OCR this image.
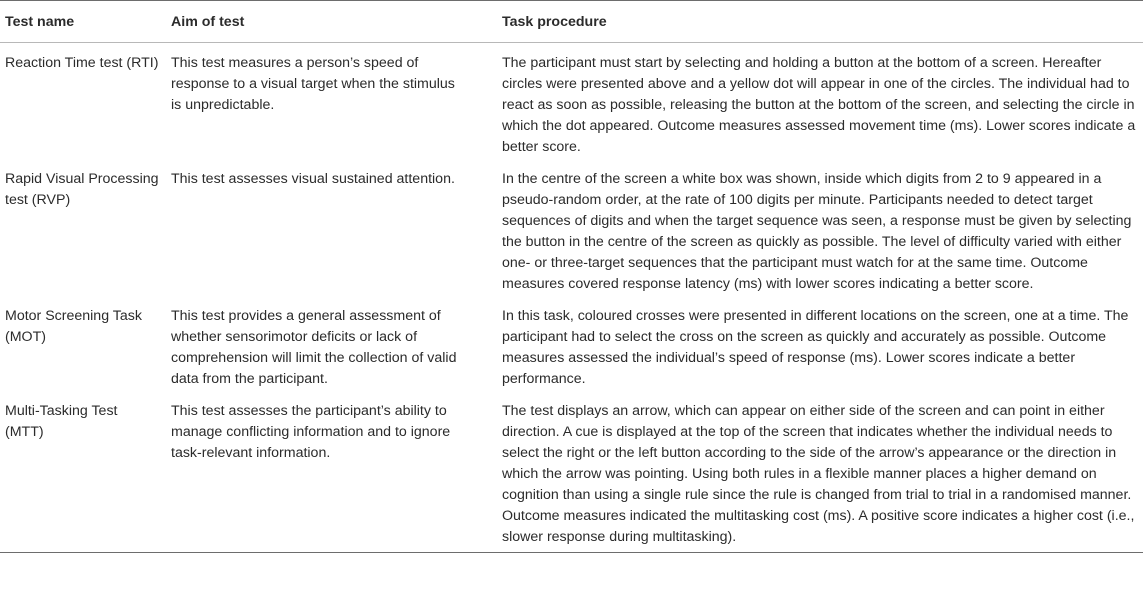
Test name	Aim of test	Task procedure
Reaction Time test (RTI)	This test measures a person’s speed of response to a visual target when the stimulus is unpredictable.	The participant must start by selecting and holding a button at the bottom of a screen. Hereafter circles were presented above and a yellow dot will appear in one of the circles. The individual had to react as soon as possible, releasing the button at the bottom of the screen, and selecting the circle in which the dot appeared. Outcome measures assessed movement time (ms). Lower scores indicate a better score.
Rapid Visual Processing test (RVP)	This test assesses visual sustained attention.	In the centre of the screen a white box was shown, inside which digits from 2 to 9 appeared in a pseudo-random order, at the rate of 100 digits per minute. Participants needed to detect target sequences of digits and when the target sequence was seen, a response must be given by selecting the button in the centre of the screen as quickly as possible. The level of difficulty varied with either one- or three-target sequences that the participant must watch for at the same time. Outcome measures covered response latency (ms) with lower scores indicating a better score.
Motor Screening Task (MOT)	This test provides a general assessment of whether sensorimotor deficits or lack of comprehension will limit the collection of valid data from the participant.	In this task, coloured crosses were presented in different locations on the screen, one at a time. The participant had to select the cross on the screen as quickly and accurately as possible. Outcome measures assessed the individual’s speed of response (ms). Lower scores indicate a better performance.
Multi-Tasking Test (MTT)	This test assesses the participant’s ability to manage conflicting information and to ignore task-relevant information.	The test displays an arrow, which can appear on either side of the screen and can point in either direction. A cue is displayed at the top of the screen that indicates whether the individual needs to select the right or the left button according to the side of the arrow’s appearance or the direction in which the arrow was pointing. Using both rules in a flexible manner places a higher demand on cognition than using a single rule since the rule is changed from trial to trial in a randomised manner. Outcome measures indicated the multitasking cost (ms). A positive score indicates a higher cost (i.e., slower response during multitasking).
